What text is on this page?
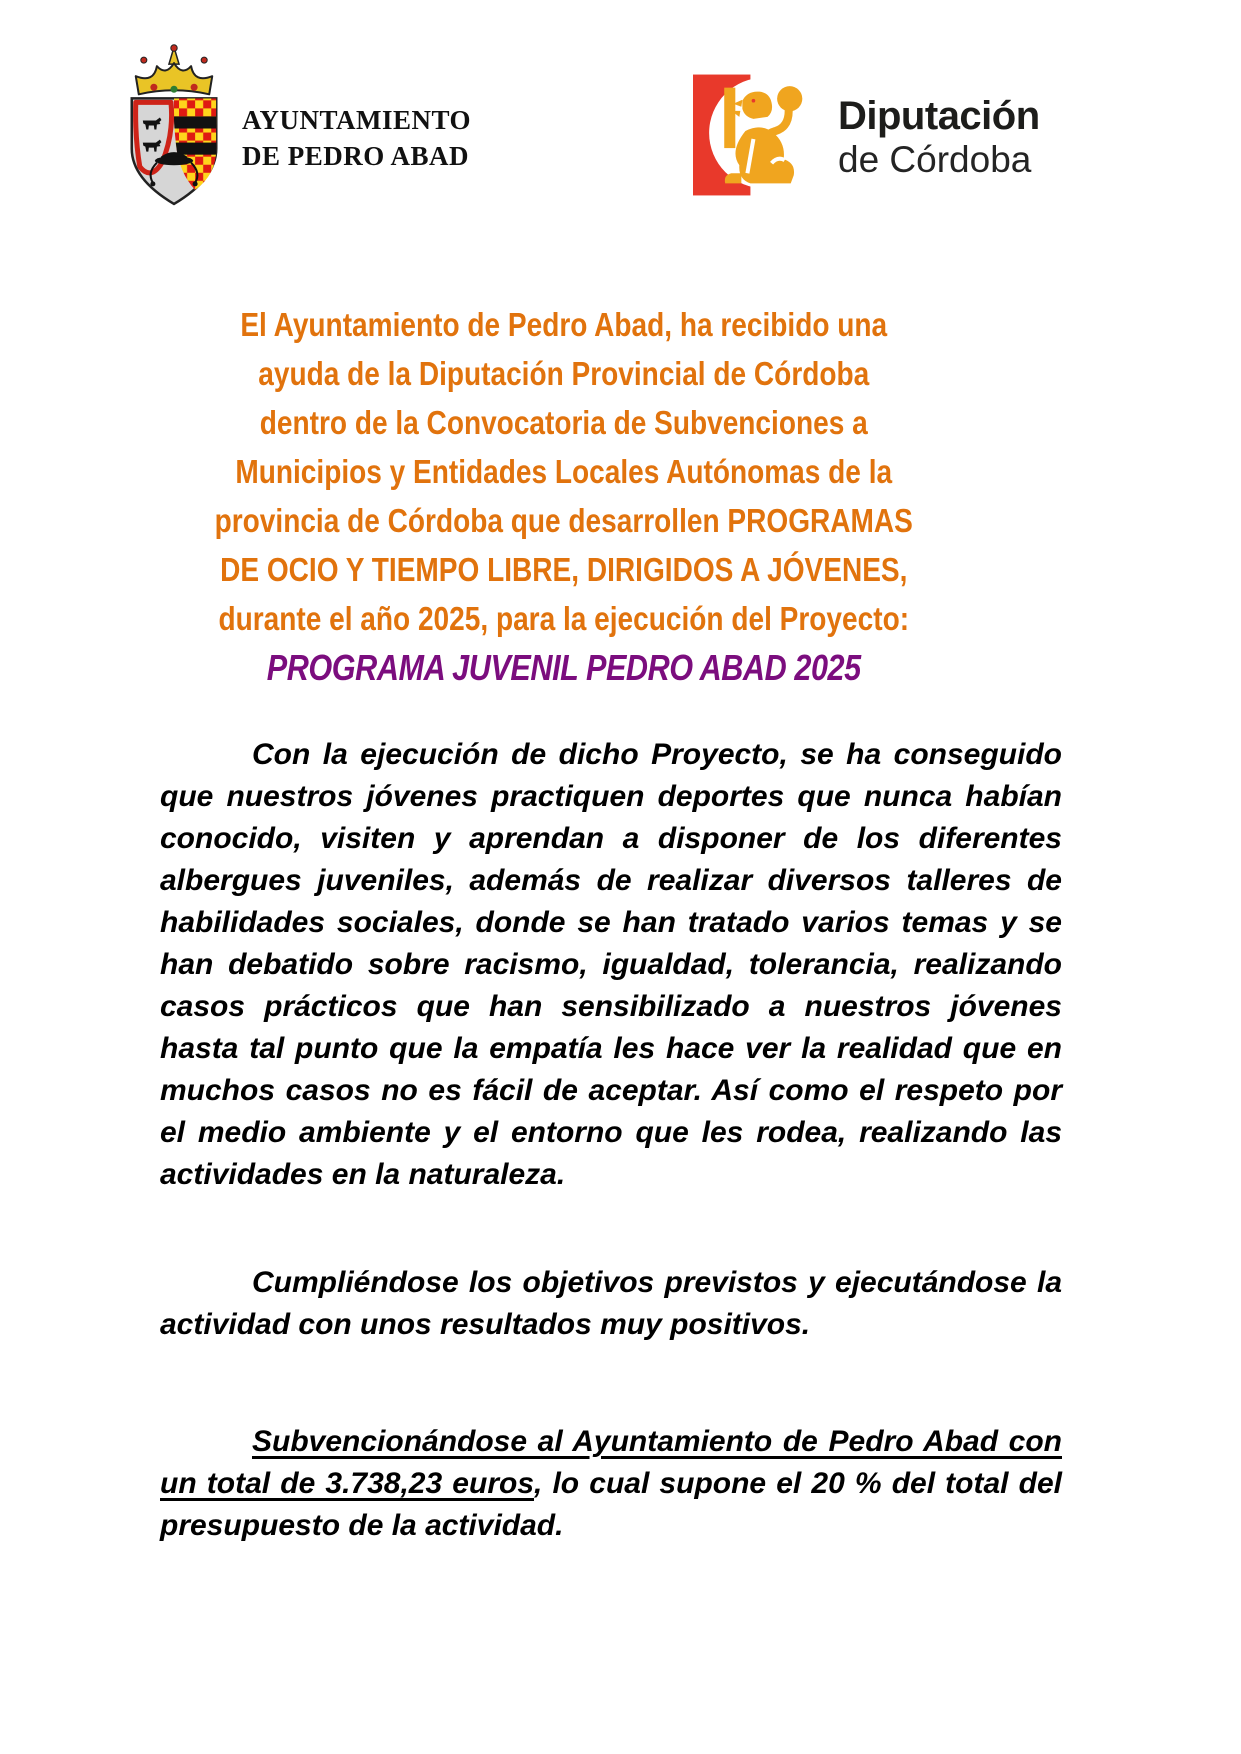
AYUNTAMIENTO
DE PEDRO ABAD
Diputación
de Córdoba
El Ayuntamiento de Pedro Abad, ha recibido una
ayuda de la Diputación Provincial de Córdoba
dentro de la Convocatoria de Subvenciones a
Municipios y Entidades Locales Autónomas de la
provincia de Córdoba que desarrollen PROGRAMAS
DE OCIO Y TIEMPO LIBRE, DIRIGIDOS A JÓVENES,
durante el año 2025, para la ejecución del Proyecto:
PROGRAMA JUVENIL PEDRO ABAD 2025

Con la ejecución de dicho Proyecto, se ha conseguido que nuestros jóvenes practiquen deportes que nunca habían conocido, visiten y aprendan a disponer de los diferentes albergues juveniles, además de realizar diversos talleres de habilidades sociales, donde se han tratado varios temas y se han debatido sobre racismo, igualdad, tolerancia, realizando casos prácticos que han sensibilizado a nuestros jóvenes hasta tal punto que la empatía les hace ver la realidad que en muchos casos no es fácil de aceptar. Así como el respeto por el medio ambiente y el entorno que les rodea, realizando las actividades en la naturaleza.

Cumpliéndose los objetivos previstos y ejecutándose la actividad con unos resultados muy positivos.

Subvencionándose al Ayuntamiento de Pedro Abad con un total de 3.738,23 euros, lo cual supone el 20 % del total del presupuesto de la actividad.
